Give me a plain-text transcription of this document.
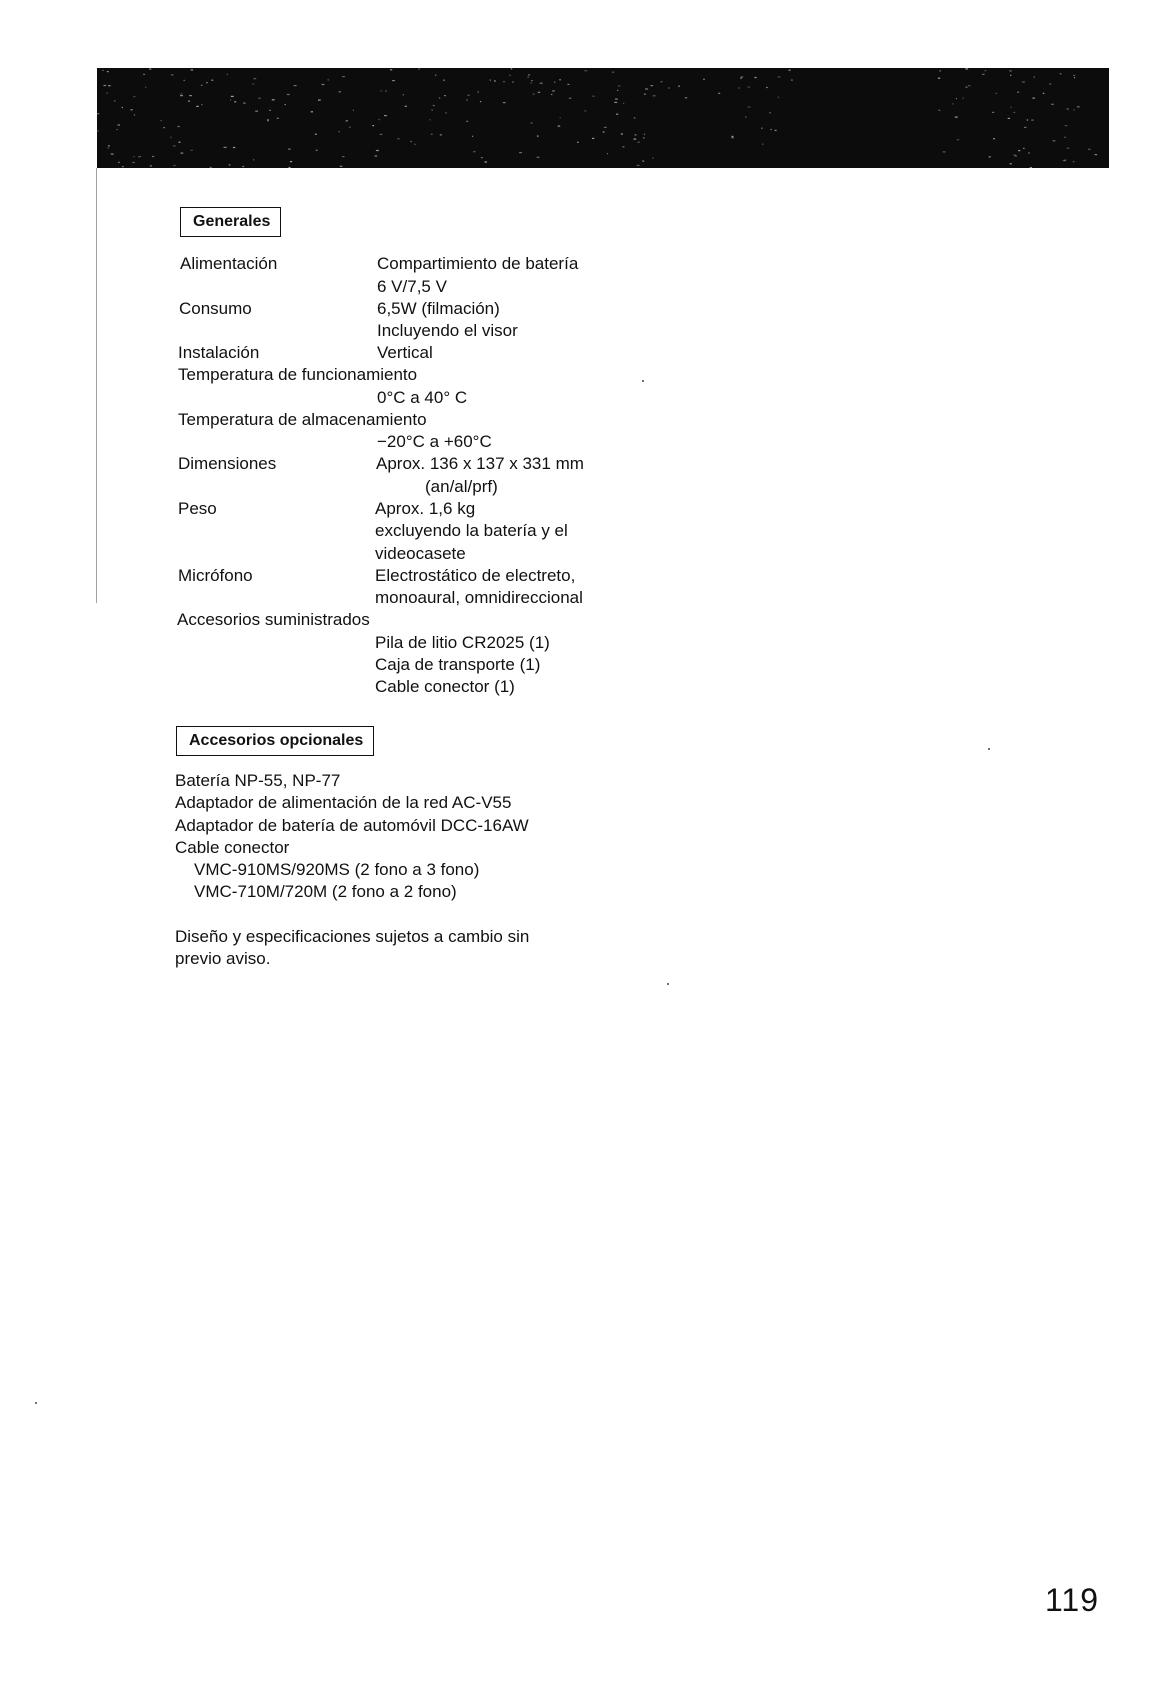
Generales
Alimentación	Compartimiento de batería
6 V/7,5 V
Consumo	6,5W (filmación)
Incluyendo el visor
Instalación	Vertical
Temperatura de funcionamiento
0°C a 40° C
Temperatura de almacenamiento
−20°C a +60°C
Dimensiones	Aprox. 136 x 137 x 331 mm
(an/al/prf)
Peso	Aprox. 1,6 kg
excluyendo la batería y el
videocasete
Micrófono	Electrostático de electreto,
monoaural, omnidireccional
Accesorios suministrados
Pila de litio CR2025 (1)
Caja de transporte (1)
Cable conector (1)
Accesorios opcionales
Batería NP-55, NP-77
Adaptador de alimentación de la red AC-V55
Adaptador de batería de automóvil DCC-16AW
Cable conector
VMC-910MS/920MS (2 fono a 3 fono)
VMC-710M/720M (2 fono a 2 fono)
Diseño y especificaciones sujetos a cambio sin
previo aviso.
119
